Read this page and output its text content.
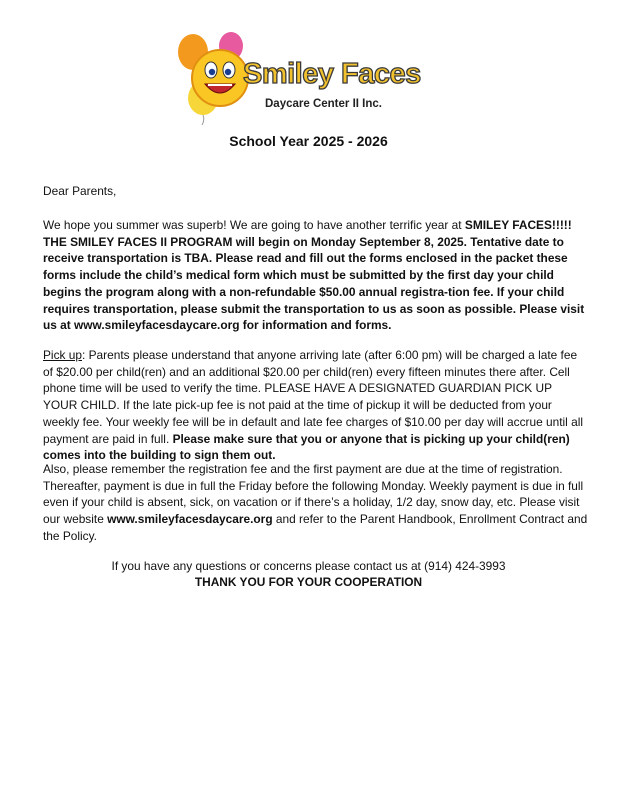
Smiley Faces
Daycare Center II Inc.
School Year 2025 - 2026

Dear Parents,

We hope you summer was superb! We are going to have another terrific year at SMILEY FACES!!!!! THE SMILEY FACES II PROGRAM will begin on Monday September 8, 2025. Tentative date to receive transportation is TBA. Please read and fill out the forms enclosed in the packet these forms include the child’s medical form which must be submitted by the first day your child begins the program along with a non-refundable $50.00 annual registra-tion fee. If your child requires transportation, please submit the transportation to us as soon as possible. Please visit us at www.smileyfacesdaycare.org for information and forms.

Pick up: Parents please understand that anyone arriving late (after 6:00 pm) will be charged a late fee of $20.00 per child(ren) and an additional $20.00 per child(ren) every fifteen minutes there after. Cell phone time will be used to verify the time. PLEASE HAVE A DESIGNATED GUARDIAN PICK UP YOUR CHILD. If the late pick-up fee is not paid at the time of pickup it will be deducted from your weekly fee. Your weekly fee will be in default and late fee charges of $10.00 per day will accrue until all payment are paid in full. Please make sure that you or anyone that is picking up your child(ren) comes into the building to sign them out.

Also, please remember the registration fee and the first payment are due at the time of registration. Thereafter, payment is due in full the Friday before the following Monday. Weekly payment is due in full even if your child is absent, sick, on vacation or if there’s a holiday, 1/2 day, snow day, etc. Please visit our website www.smileyfacesdaycare.org and refer to the Parent Handbook, Enrollment Contract and the Policy.

If you have any questions or concerns please contact us at (914) 424-3993
THANK YOU FOR YOUR COOPERATION
